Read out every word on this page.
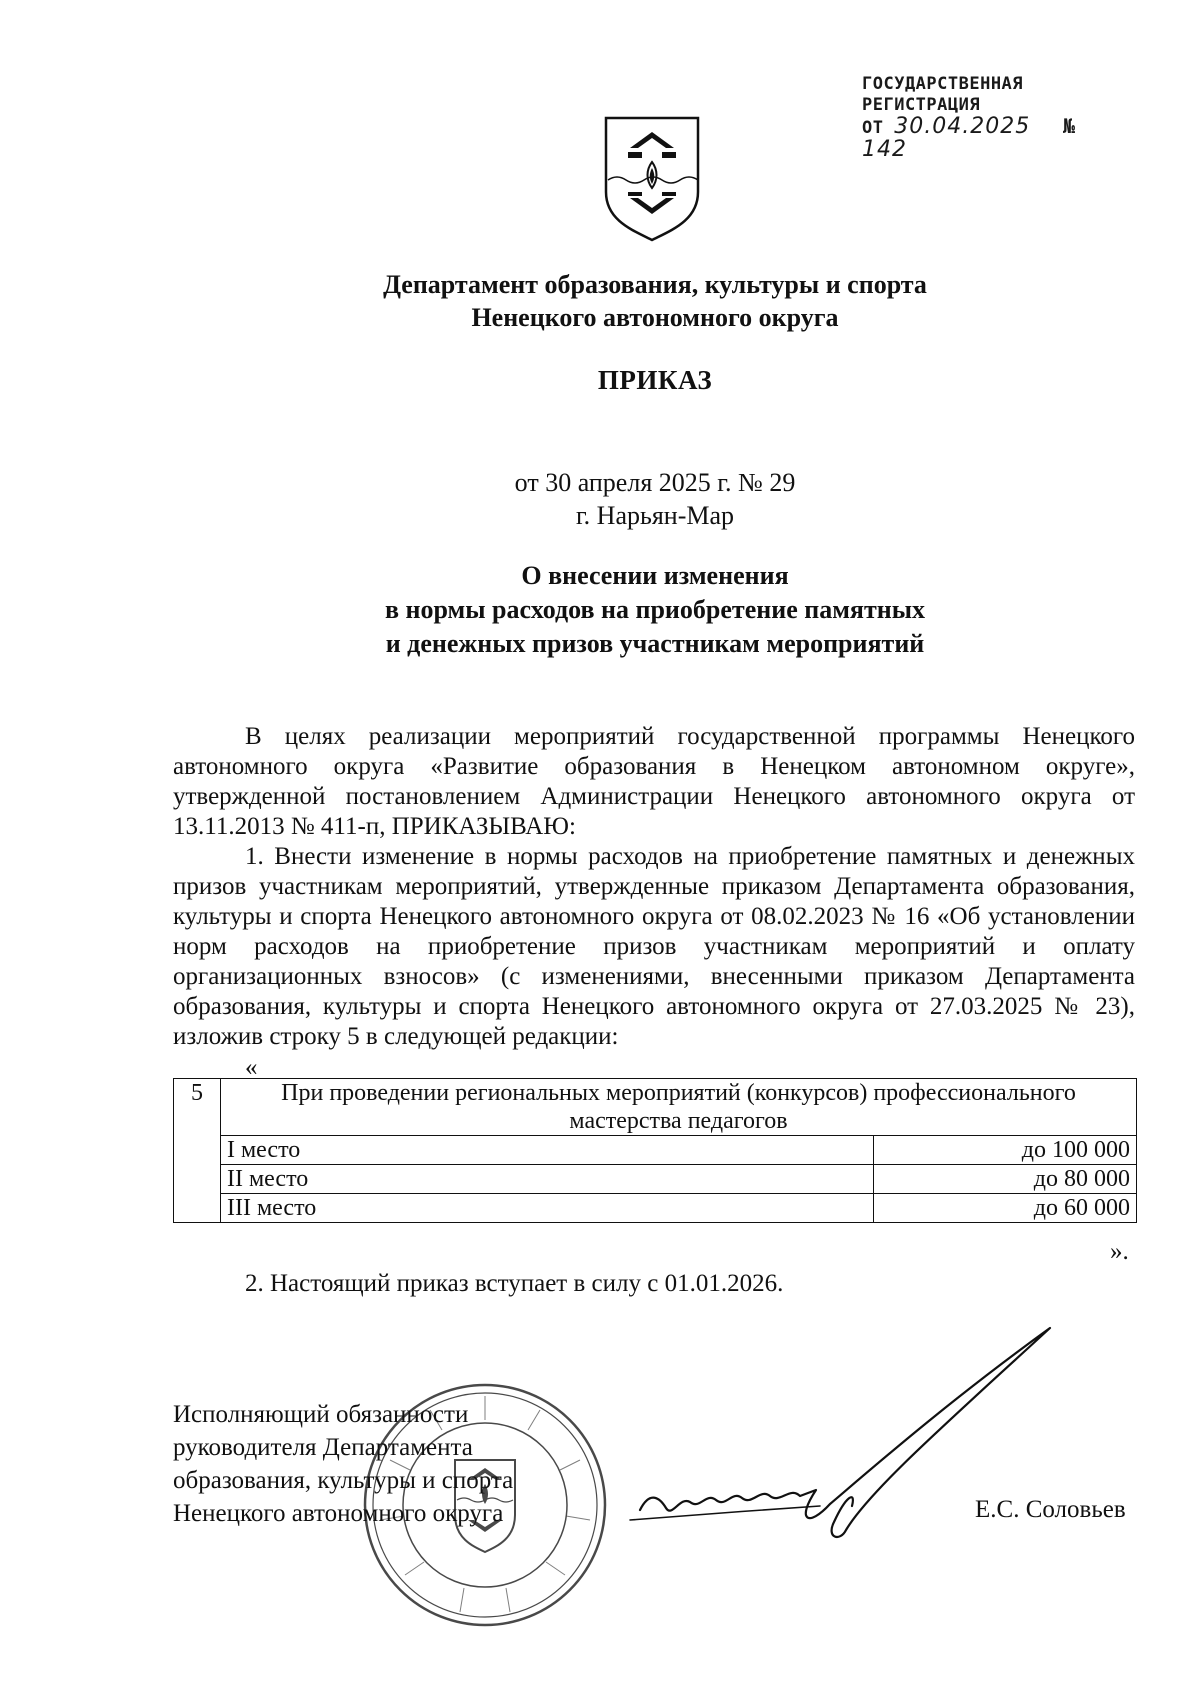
ГОСУДАРСТВЕННАЯ
РЕГИСТРАЦИЯ
ОТ 30.04.2025 № 142
Департамент образования, культуры и спорта
Ненецкого автономного округа
ПРИКАЗ
от 30 апреля 2025 г. № 29
г. Нарьян-Мар
О внесении изменения
в нормы расходов на приобретение памятных
и денежных призов участникам мероприятий

В целях реализации мероприятий государственной программы Ненецкого автономного округа «Развитие образования в Ненецком автономном округе», утвержденной постановлением Администрации Ненецкого автономного округа от 13.11.2013 № 411-п, ПРИКАЗЫВАЮ:

1. Внести изменение в нормы расходов на приобретение памятных и денежных призов участникам мероприятий, утвержденные приказом Департамента образования, культуры и спорта Ненецкого автономного округа от 08.02.2023 № 16 «Об установлении норм расходов на приобретение призов участникам мероприятий и оплату организационных взносов» (с изменениями, внесенными приказом Департамента образования, культуры и спорта Ненецкого автономного округа от 27.03.2025 № 23), изложив строку 5 в следующей редакции:

«
5	При проведении региональных мероприятий (конкурсов) профессионального мастерства педагогов	
	I место	до 100 000
	II место	до 80 000
	III место	до 60 000
».
2. Настоящий приказ вступает в силу с 01.01.2026.
Исполняющий обязанности
руководителя Департамента
образования, культуры и спорта
Ненецкого автономного округа	Е.С. Соловьев
